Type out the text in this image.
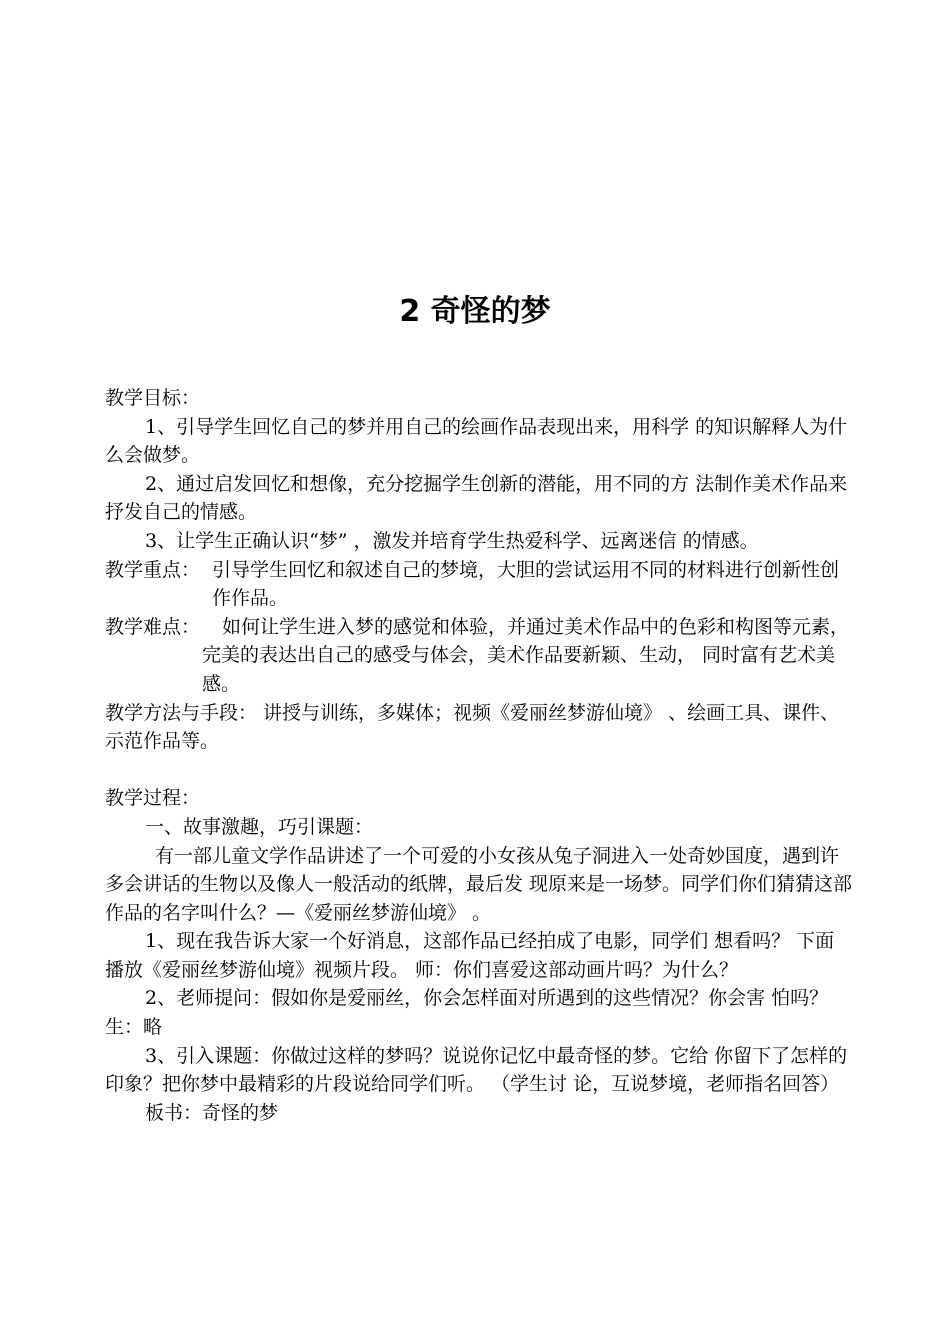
2 奇怪的梦

教学目标：

1、引导学生回忆自己的梦并用自己的绘画作品表现出来，用科学 的知识解释人为什么会做梦。

2、通过启发回忆和想像，充分挖掘学生创新的潜能，用不同的方 法制作美术作品来抒发自己的情感。

3、让学生正确认识“梦” ，激发并培育学生热爱科学、远离迷信 的情感。

教学重点： 引导学生回忆和叙述自己的梦境，大胆的尝试运用不同的材料进行创新性创作作品。
教学难点：	如何让学生进入梦的感觉和体验，并通过美术作品中的色彩和构图等元素，完美的表达出自己的感受与体会，美术作品要新颖、生动， 同时富有艺术美感。

教学方法与手段： 讲授与训练，多媒体；视频《爱丽丝梦游仙境》 、绘画工具、课件、 示范作品等。

教学过程：

一、故事激趣，巧引课题：

有一部儿童文学作品讲述了一个可爱的小女孩从兔子洞进入一处奇妙国度，遇到许多会讲话的生物以及像人一般活动的纸牌，最后发 现原来是一场梦。同学们你们猜猜这部作品的名字叫什么？—《爱丽丝梦游仙境》 。

1、现在我告诉大家一个好消息，这部作品已经拍成了电影，同学们 想看吗？ 下面播放《爱丽丝梦游仙境》视频片段。 师：你们喜爱这部动画片吗？为什么？

2、老师提问：假如你是爱丽丝，你会怎样面对所遇到的这些情况？你会害 怕吗？ 生：略

3、引入课题：你做过这样的梦吗？说说你记忆中最奇怪的梦。它给 你留下了怎样的印象？把你梦中最精彩的片段说给同学们听。 （学生讨 论，互说梦境，老师指名回答）

板书：奇怪的梦
